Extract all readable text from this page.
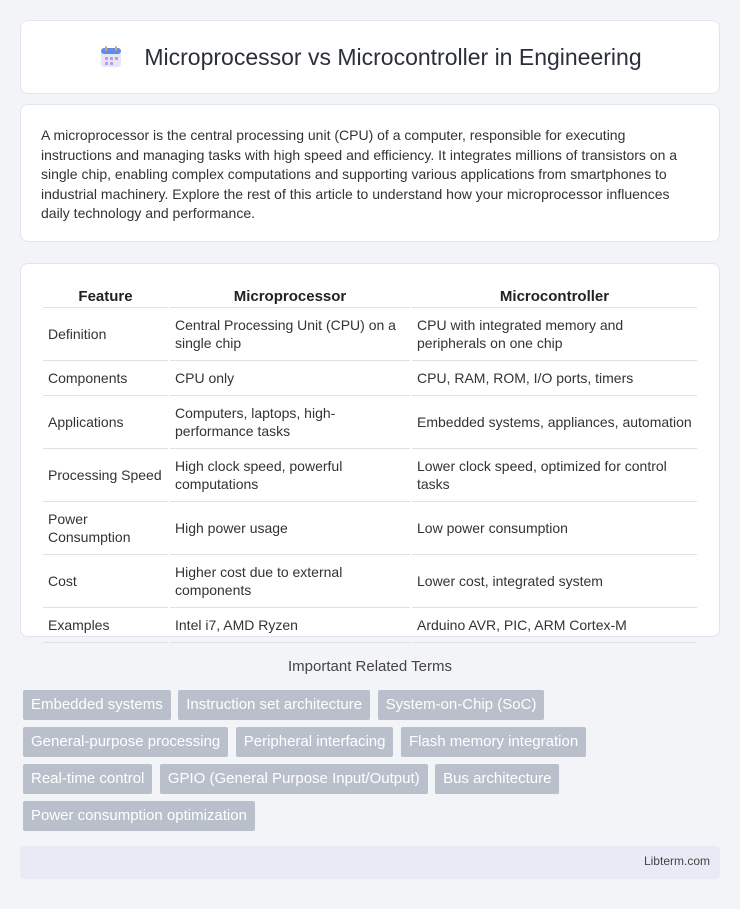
Microprocessor vs Microcontroller in Engineering

A microprocessor is the central processing unit (CPU) of a computer, responsible for executing instructions and managing tasks with high speed and efficiency. It integrates millions of transistors on a single chip, enabling complex computations and supporting various applications from smartphones to industrial machinery. Explore the rest of this article to understand how your microprocessor influences daily technology and performance.

Feature	Microprocessor	Microcontroller
Definition	Central Processing Unit (CPU) on a single chip	CPU with integrated memory and peripherals on one chip
Components	CPU only	CPU, RAM, ROM, I/O ports, timers
Applications	Computers, laptops, high-performance tasks	Embedded systems, appliances, automation
Processing Speed	High clock speed, powerful computations	Lower clock speed, optimized for control tasks
Power Consumption	High power usage	Low power consumption
Cost	Higher cost due to external components	Lower cost, integrated system
Examples	Intel i7, AMD Ryzen	Arduino AVR, PIC, ARM Cortex-M
Important Related Terms
Embedded systems Instruction set architecture System-on-Chip (SoC) General-purpose processing Peripheral interfacing Flash memory integration Real-time control GPIO (General Purpose Input/Output) Bus architecture Power consumption optimization
Libterm.com
